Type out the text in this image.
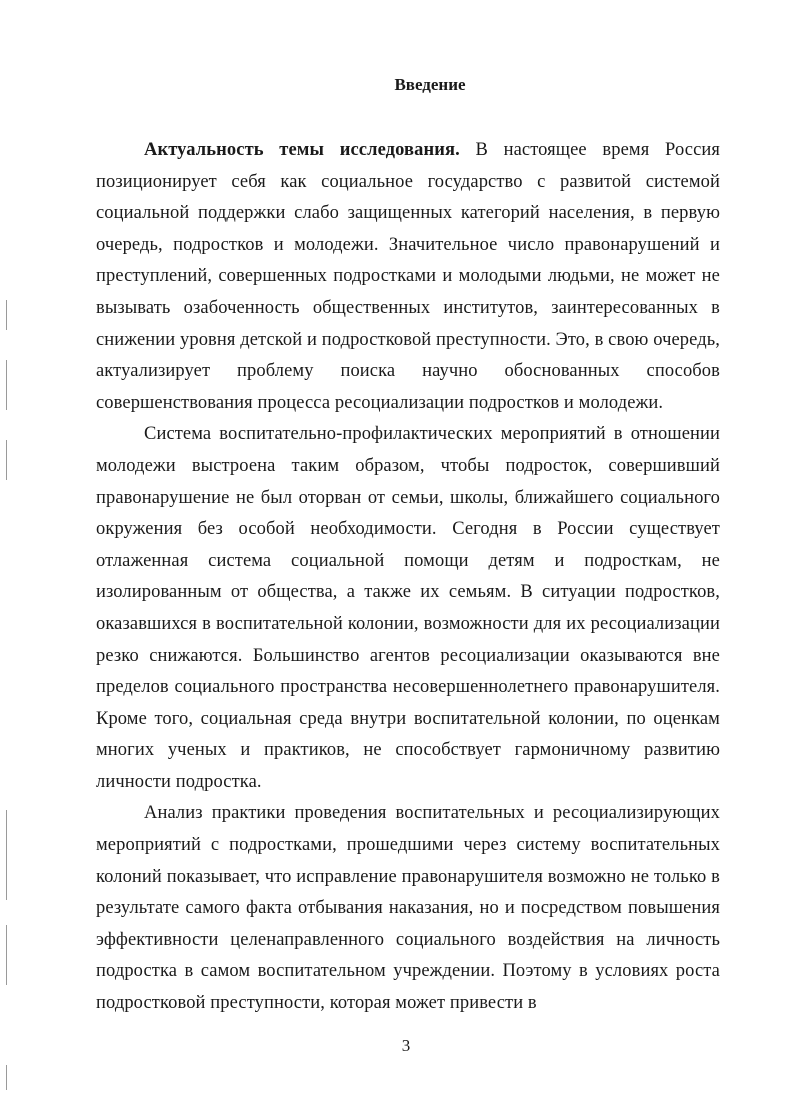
Введение

Актуальность темы исследования. В настоящее время Россия позиционирует себя как социальное государство с развитой системой социальной поддержки слабо защищенных категорий населения, в первую очередь, подростков и молодежи. Значительное число правонарушений и преступлений, совершенных подростками и молодыми людьми, не может не вызывать озабоченность общественных институтов, заинтересованных в снижении уровня детской и подростковой преступности. Это, в свою очередь, актуализирует проблему поиска научно обоснованных способов совершенствования процесса ресоциализации подростков и молодежи.

Система воспитательно-профилактических мероприятий в отношении молодежи выстроена таким образом, чтобы подросток, совершивший правонарушение не был оторван от семьи, школы, ближайшего социального окружения без особой необходимости. Сегодня в России существует отлаженная система социальной помощи детям и подросткам, не изолированным от общества, а также их семьям. В ситуации подростков, оказавшихся в воспитательной колонии, возможности для их ресоциализации резко снижаются. Большинство агентов ресоциализации оказываются вне пределов социального пространства несовершеннолетнего правонарушителя. Кроме того, социальная среда внутри воспитательной колонии, по оценкам многих ученых и практиков, не способствует гармоничному развитию личности подростка.

Анализ практики проведения воспитательных и ресоциализирующих мероприятий с подростками, прошедшими через систему воспитательных колоний показывает, что исправление правонарушителя возможно не только в результате самого факта отбывания наказания, но и посредством повышения эффективности целенаправленного социального воздействия на личность подростка в самом воспитательном учреждении. Поэтому в условиях роста подростковой преступности, которая может привести в

3
